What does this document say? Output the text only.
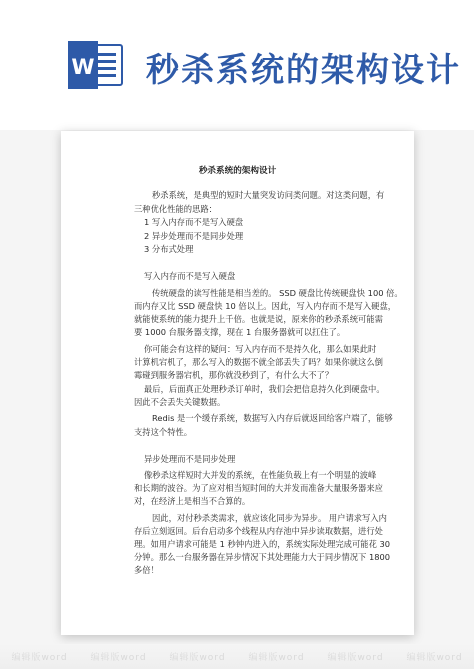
W 秒杀系统的架构设计
秒杀系统的架构设计
秒杀系统，是典型的短时大量突发访问类问题。对这类问题，有
三种优化性能的思路：
1 写入内存而不是写入硬盘
2 异步处理而不是同步处理
3 分布式处理
写入内存而不是写入硬盘
传统硬盘的读写性能是相当差的。 SSD 硬盘比传统硬盘快 100 倍。
而内存又比 SSD 硬盘快 10 倍以上。因此，写入内存而不是写入硬盘，
就能使系统的能力提升上千倍。也就是说，原来你的秒杀系统可能需
要 1000 台服务器支撑，现在 1 台服务器就可以扛住了。
你可能会有这样的疑问：写入内存而不是持久化，那么如果此时
计算机宕机了，那么写入的数据不就全部丢失了吗？如果你就这么倒
霉碰到服务器宕机，那你就没秒到了，有什么大不了？
最后，后面真正处理秒杀订单时，我们会把信息持久化到硬盘中。
因此不会丢失关键数据。
Redis 是一个缓存系统，数据写入内存后就返回给客户端了，能够
支持这个特性。
异步处理而不是同步处理
像秒杀这样短时大并发的系统，在性能负载上有一个明显的波峰
和长期的波谷。为了应对相当短时间的大并发而准备大量服务器来应
对，在经济上是相当不合算的。
因此，对付秒杀类需求，就应该化同步为异步。 用户请求写入内
存后立刻返回。后台启动多个线程从内存池中异步读取数据，进行处
理。如用户请求可能是 1 秒钟内进入的，系统实际处理完成可能花 30
分钟。那么一台服务器在异步情况下其处理能力大于同步情况下 1800
多倍！
编辑版word	编辑版word	编辑版word	编辑版word	编辑版word	编辑版word
